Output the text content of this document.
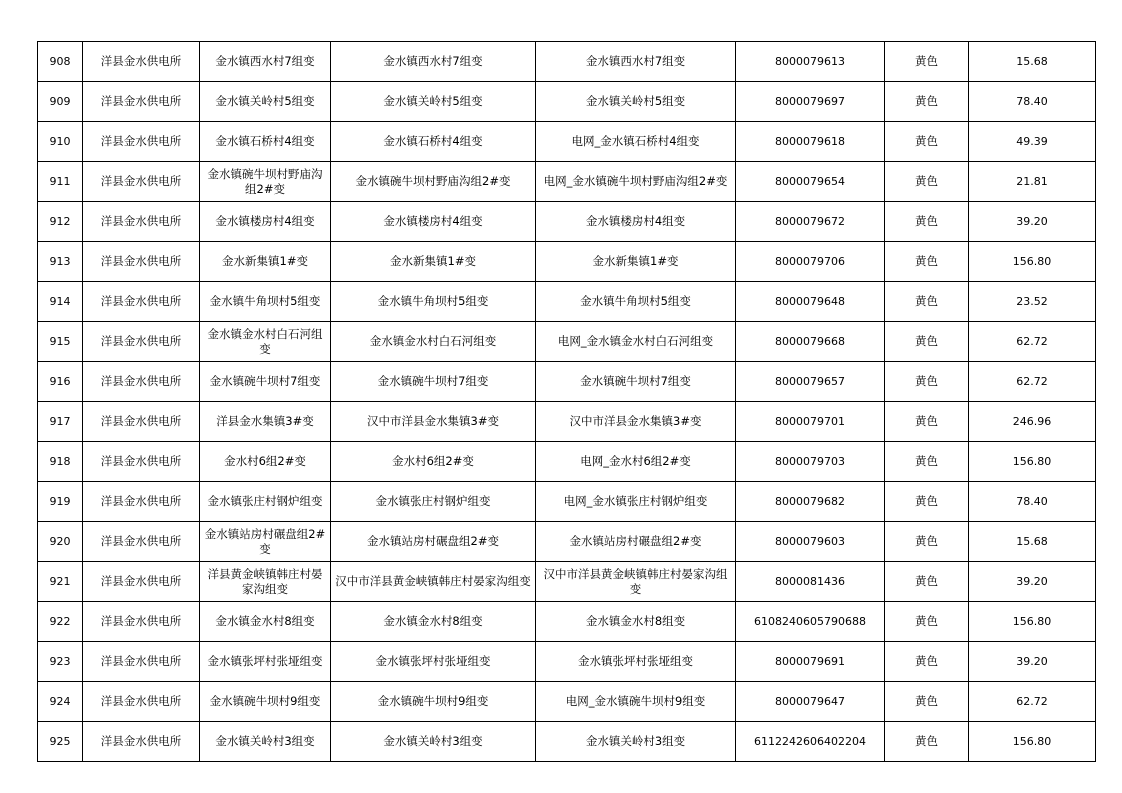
908	洋县金水供电所	金水镇西水村7组变	金水镇西水村7组变	金水镇西水村7组变	8000079613	黄色	15.68
909	洋县金水供电所	金水镇关岭村5组变	金水镇关岭村5组变	金水镇关岭村5组变	8000079697	黄色	78.40
910	洋县金水供电所	金水镇石桥村4组变	金水镇石桥村4组变	电网_金水镇石桥村4组变	8000079618	黄色	49.39
911	洋县金水供电所	金水镇碗牛坝村野庙沟组2#变	金水镇碗牛坝村野庙沟组2#变	电网_金水镇碗牛坝村野庙沟组2#变	8000079654	黄色	21.81
912	洋县金水供电所	金水镇楼房村4组变	金水镇楼房村4组变	金水镇楼房村4组变	8000079672	黄色	39.20
913	洋县金水供电所	金水新集镇1#变	金水新集镇1#变	金水新集镇1#变	8000079706	黄色	156.80
914	洋县金水供电所	金水镇牛角坝村5组变	金水镇牛角坝村5组变	金水镇牛角坝村5组变	8000079648	黄色	23.52
915	洋县金水供电所	金水镇金水村白石河组变	金水镇金水村白石河组变	电网_金水镇金水村白石河组变	8000079668	黄色	62.72
916	洋县金水供电所	金水镇碗牛坝村7组变	金水镇碗牛坝村7组变	金水镇碗牛坝村7组变	8000079657	黄色	62.72
917	洋县金水供电所	洋县金水集镇3#变	汉中市洋县金水集镇3#变	汉中市洋县金水集镇3#变	8000079701	黄色	246.96
918	洋县金水供电所	金水村6组2#变	金水村6组2#变	电网_金水村6组2#变	8000079703	黄色	156.80
919	洋县金水供电所	金水镇张庄村钢炉组变	金水镇张庄村钢炉组变	电网_金水镇张庄村钢炉组变	8000079682	黄色	78.40
920	洋县金水供电所	金水镇站房村碾盘组2#变	金水镇站房村碾盘组2#变	金水镇站房村碾盘组2#变	8000079603	黄色	15.68
921	洋县金水供电所	洋县黄金峡镇韩庄村晏家沟组变	汉中市洋县黄金峡镇韩庄村晏家沟组变	汉中市洋县黄金峡镇韩庄村晏家沟组变	8000081436	黄色	39.20
922	洋县金水供电所	金水镇金水村8组变	金水镇金水村8组变	金水镇金水村8组变	6108240605790688	黄色	156.80
923	洋县金水供电所	金水镇张坪村张垭组变	金水镇张坪村张垭组变	金水镇张坪村张垭组变	8000079691	黄色	39.20
924	洋县金水供电所	金水镇碗牛坝村9组变	金水镇碗牛坝村9组变	电网_金水镇碗牛坝村9组变	8000079647	黄色	62.72
925	洋县金水供电所	金水镇关岭村3组变	金水镇关岭村3组变	金水镇关岭村3组变	6112242606402204	黄色	156.80
